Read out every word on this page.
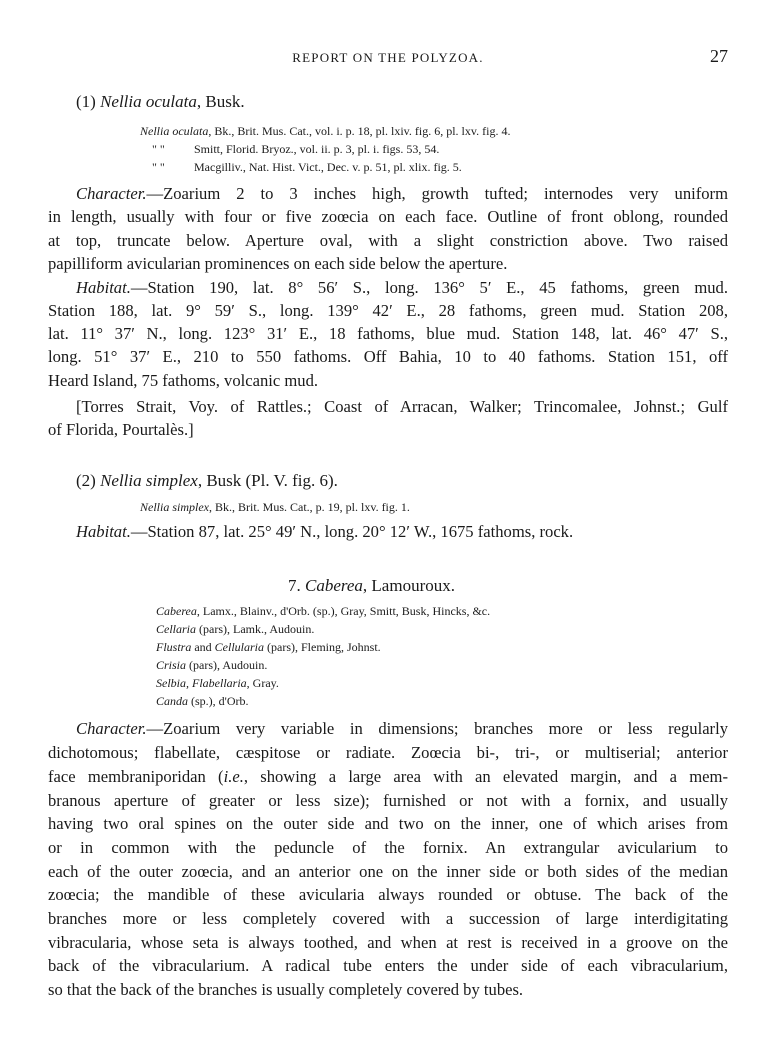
REPORT ON THE POLYZOA.	27
(1) Nellia oculata, Busk.
Nellia oculata, Bk., Brit. Mus. Cat., vol. i. p. 18, pl. lxiv. fig. 6, pl. lxv. fig. 4.
" " Smitt, Florid. Bryoz., vol. ii. p. 3, pl. i. figs. 53, 54.
" " Macgilliv., Nat. Hist. Vict., Dec. v. p. 51, pl. xlix. fig. 5.
Character.—Zoarium 2 to 3 inches high, growth tufted; internodes very uniform
in length, usually with four or five zoœcia on each face. Outline of front oblong, rounded
at top, truncate below. Aperture oval, with a slight constriction above. Two raised
papilliform avicularian prominences on each side below the aperture.
Habitat.—Station 190, lat. 8° 56′ S., long. 136° 5′ E., 45 fathoms, green mud.
Station 188, lat. 9° 59′ S., long. 139° 42′ E., 28 fathoms, green mud. Station 208,
lat. 11° 37′ N., long. 123° 31′ E., 18 fathoms, blue mud. Station 148, lat. 46° 47′ S.,
long. 51° 37′ E., 210 to 550 fathoms. Off Bahia, 10 to 40 fathoms. Station 151, off
Heard Island, 75 fathoms, volcanic mud.
[Torres Strait, Voy. of Rattles.; Coast of Arracan, Walker; Trincomalee, Johnst.; Gulf
of Florida, Pourtalès.]
(2) Nellia simplex, Busk (Pl. V. fig. 6).
Nellia simplex, Bk., Brit. Mus. Cat., p. 19, pl. lxv. fig. 1.
Habitat.—Station 87, lat. 25° 49′ N., long. 20° 12′ W., 1675 fathoms, rock.
7. Caberea, Lamouroux.
Caberea, Lamx., Blainv., d'Orb. (sp.), Gray, Smitt, Busk, Hincks, &c.
Cellaria (pars), Lamk., Audouin.
Flustra and Cellularia (pars), Fleming, Johnst.
Crisia (pars), Audouin.
Selbia, Flabellaria, Gray.
Canda (sp.), d'Orb.
Character.—Zoarium very variable in dimensions; branches more or less regularly
dichotomous; flabellate, cæspitose or radiate. Zoœcia bi-, tri-, or multiserial; anterior
face membraniporidan (i.e., showing a large area with an elevated margin, and a mem-
branous aperture of greater or less size); furnished or not with a fornix, and usually
having two oral spines on the outer side and two on the inner, one of which arises from
or in common with the peduncle of the fornix. An extrangular avicularium to
each of the outer zoœcia, and an anterior one on the inner side or both sides of the median
zoœcia; the mandible of these avicularia always rounded or obtuse. The back of the
branches more or less completely covered with a succession of large interdigitating
vibracularia, whose seta is always toothed, and when at rest is received in a groove on the
back of the vibracularium. A radical tube enters the under side of each vibracularium,
so that the back of the branches is usually completely covered by tubes.
